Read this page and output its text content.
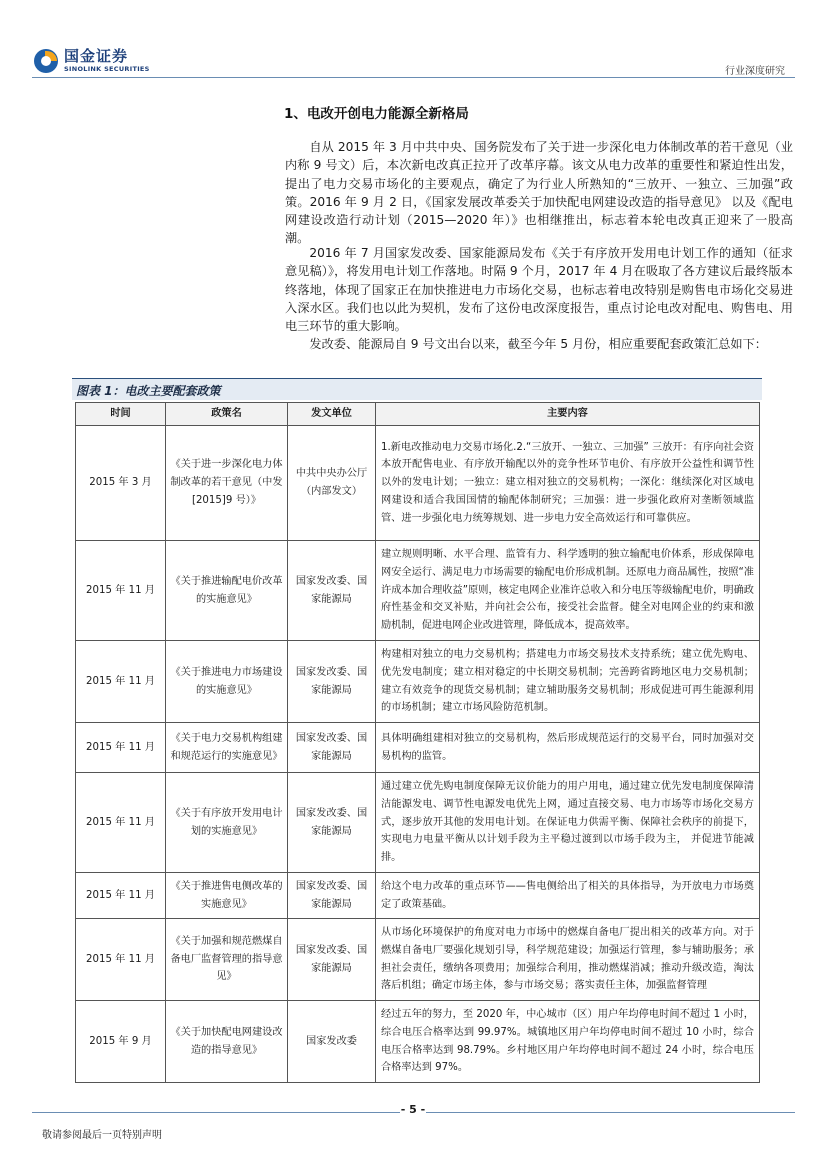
国金证券
SINOLINK SECURITIES	行业深度研究
1、电改开创电力能源全新格局

自从 2015 年 3 月中共中央、国务院发布了关于进一步深化电力体制改革的若干意见（业内称 9 号文）后，本次新电改真正拉开了改革序幕。该文从电力改革的重要性和紧迫性出发，提出了电力交易市场化的主要观点，确定了为行业人所熟知的“三放开、一独立、三加强”政策。2016 年 9 月 2 日，《国家发展改革委关于加快配电网建设改造的指导意见》 以及《配电网建设改造行动计划（2015—2020 年）》也相继推出，标志着本轮电改真正迎来了一股高潮。

2016 年 7 月国家发改委、国家能源局发布《关于有序放开发用电计划工作的通知（征求意见稿）》，将发用电计划工作落地。时隔 9 个月，2017 年 4 月在吸取了各方建议后最终版本终落地，体现了国家正在加快推进电力市场化交易，也标志着电改特别是购售电市场化交易进入深水区。我们也以此为契机，发布了这份电改深度报告，重点讨论电改对配电、购售电、用电三环节的重大影响。

发改委、能源局自 9 号文出台以来，截至今年 5 月份，相应重要配套政策汇总如下：

图表 1：电改主要配套政策
时间	政策名	发文单位	主要内容
2015 年 3 月	《关于进一步深化电力体制改革的若干意见（中发[2015]9 号）》	中共中央办公厅（内部发文）	1.新电改推动电力交易市场化.2.“三放开、一独立、三加强” 三放开：有序向社会资本放开配售电业、有序放开输配以外的竞争性环节电价、有序放开公益性和调节性以外的发电计划；一独立：建立相对独立的交易机构；一深化：继续深化对区域电网建设和适合我国国情的输配体制研究；三加强：进一步强化政府对垄断领域监管、进一步强化电力统筹规划、进一步电力安全高效运行和可靠供应。
2015 年 11 月	《关于推进输配电价改革的实施意见》	国家发改委、国家能源局	建立规则明晰、水平合理、监管有力、科学透明的独立输配电价体系，形成保障电网安全运行、满足电力市场需要的输配电价形成机制。还原电力商品属性，按照“准许成本加合理收益”原则，核定电网企业准许总收入和分电压等级输配电价，明确政府性基金和交叉补贴，并向社会公布，接受社会监督。健全对电网企业的约束和激励机制，促进电网企业改进管理，降低成本，提高效率。
2015 年 11 月	《关于推进电力市场建设的实施意见》	国家发改委、国家能源局	构建相对独立的电力交易机构；搭建电力市场交易技术支持系统；建立优先购电、优先发电制度；建立相对稳定的中长期交易机制；完善跨省跨地区电力交易机制；建立有效竞争的现货交易机制；建立辅助服务交易机制；形成促进可再生能源利用的市场机制；建立市场风险防范机制。
2015 年 11 月	《关于电力交易机构组建和规范运行的实施意见》	国家发改委、国家能源局	具体明确组建相对独立的交易机构，然后形成规范运行的交易平台，同时加强对交易机构的监管。
2015 年 11 月	《关于有序放开发用电计划的实施意见》	国家发改委、国家能源局	通过建立优先购电制度保障无议价能力的用户用电，通过建立优先发电制度保障清洁能源发电、调节性电源发电优先上网，通过直接交易、电力市场等市场化交易方式，逐步放开其他的发用电计划。在保证电力供需平衡、保障社会秩序的前提下，实现电力电量平衡从以计划手段为主平稳过渡到以市场手段为主， 并促进节能减排。
2015 年 11 月	《关于推进售电侧改革的实施意见》	国家发改委、国家能源局	给这个电力改革的重点环节——售电侧给出了相关的具体指导，为开放电力市场奠定了政策基础。
2015 年 11 月	《关于加强和规范燃煤自备电厂监督管理的指导意见》	国家发改委、国家能源局	从市场化环境保护的角度对电力市场中的燃煤自备电厂提出相关的改革方向。对于燃煤自备电厂要强化规划引导，科学规范建设；加强运行管理，参与辅助服务；承担社会责任，缴纳各项费用；加强综合利用，推动燃煤消减；推动升级改造，淘汰落后机组；确定市场主体，参与市场交易；落实责任主体，加强监督管理
2015 年 9 月	《关于加快配电网建设改造的指导意见》	国家发改委	经过五年的努力，至 2020 年，中心城市（区）用户年均停电时间不超过 1 小时，综合电压合格率达到 99.97%。城镇地区用户年均停电时间不超过 10 小时，综合电压合格率达到 98.79%。乡村地区用户年均停电时间不超过 24 小时，综合电压合格率达到 97%。
- 5 -
敬请参阅最后一页特别声明
